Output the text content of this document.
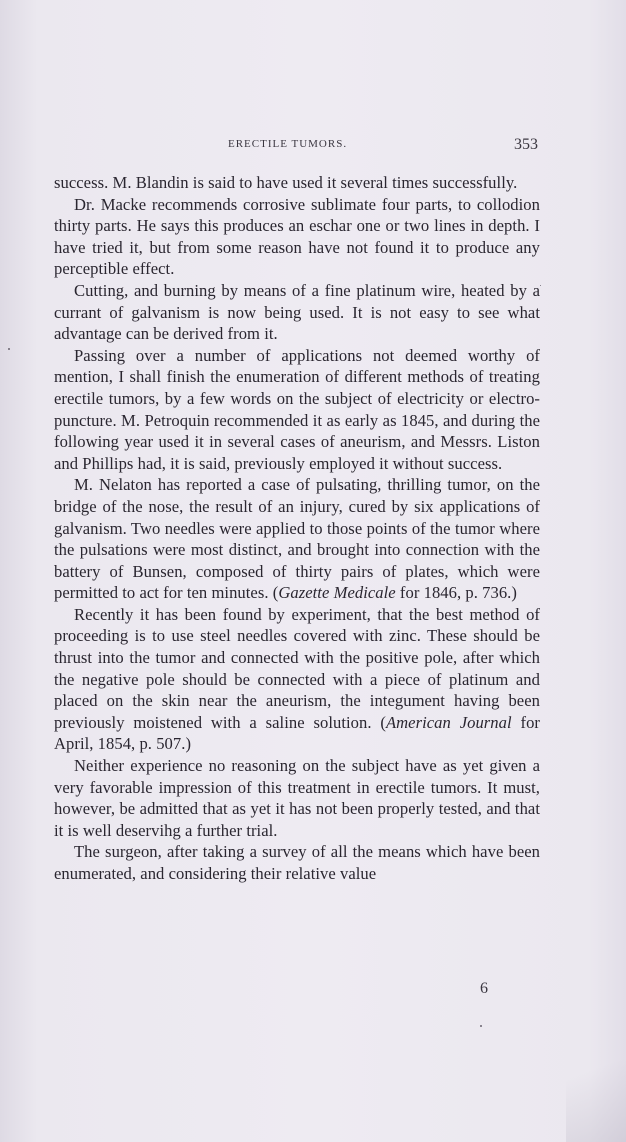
ERECTILE TUMORS.	353

success. M. Blandin is said to have used it several times successfully.

Dr. Macke recommends corrosive sublimate four parts, to collodion thirty parts. He says this produces an eschar one or two lines in depth. I have tried it, but from some reason have not found it to produce any perceptible effect.

Cutting, and burning by means of a fine platinum wire, heated by a currant of galvanism is now being used. It is not easy to see what advantage can be derived from it.

Passing over a number of applications not deemed worthy of mention, I shall finish the enumeration of different methods of treating erectile tumors, by a few words on the subject of electricity or electro-puncture. M. Petroquin recommended it as early as 1845, and during the following year used it in several cases of aneurism, and Messrs. Liston and Phillips had, it is said, previously employed it without success.

M. Nelaton has reported a case of pulsating, thrilling tumor, on the bridge of the nose, the result of an injury, cured by six applications of galvanism. Two needles were applied to those points of the tumor where the pulsations were most distinct, and brought into connection with the battery of Bunsen, composed of thirty pairs of plates, which were permitted to act for ten minutes. (Gazette Medicale for 1846, p. 736.)

Recently it has been found by experiment, that the best method of proceeding is to use steel needles covered with zinc. These should be thrust into the tumor and connected with the positive pole, after which the negative pole should be connected with a piece of platinum and placed on the skin near the aneurism, the integument having been previously moistened with a saline solution. (American Journal for April, 1854, p. 507.)

Neither experience no reasoning on the subject have as yet given a very favorable impression of this treatment in erectile tumors. It must, however, be admitted that as yet it has not been properly tested, and that it is well deservihg a further trial.

The surgeon, after taking a survey of all the means which have been enumerated, and considering their relative value

6
